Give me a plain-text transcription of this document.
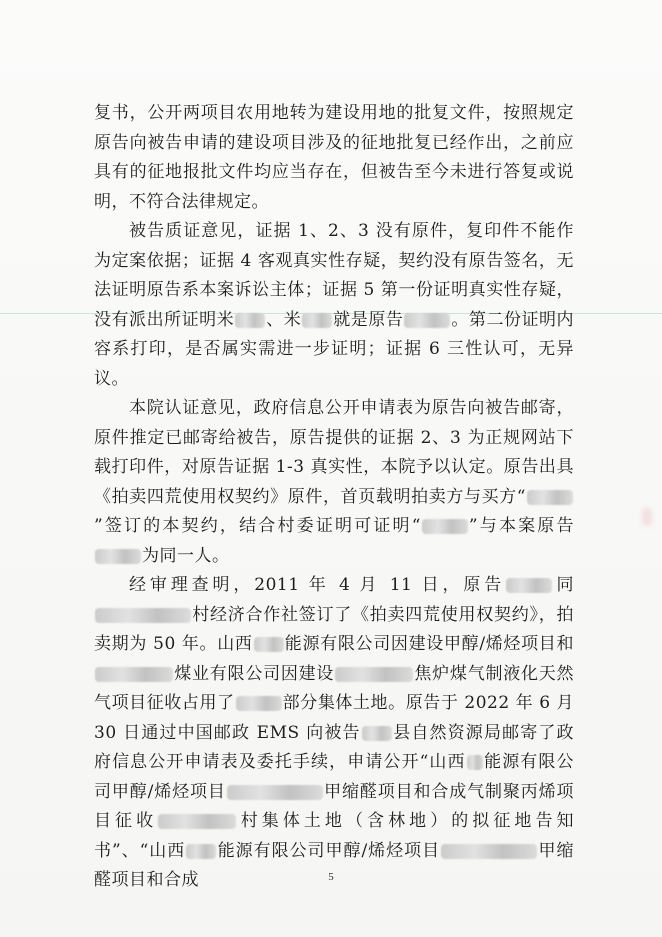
复书，公开两项目农用地转为建设用地的批复文件，按照规定原告向被告申请的建设项目涉及的征地批复已经作出，之前应具有的征地报批文件均应当存在，但被告至今未进行答复或说明，不符合法律规定。

被告质证意见，证据 1、2、3 没有原件，复印件不能作为定案依据；证据 4 客观真实性存疑，契约没有原告签名，无法证明原告系本案诉讼主体；证据 5 第一份证明真实性存疑，没有派出所证明米 、米 就是原告	。第二份证明内容系打印，是否属实需进一步证明；证据 6 三性认可，无异议。

本院认证意见，政府信息公开申请表为原告向被告邮寄，原件推定已邮寄给被告，原告提供的证据 2、3 为正规网站下载打印件，对原告证据 1-3 真实性，本院予以认定。原告出具《拍卖四荒使用权契约》原件，首页载明拍卖方与买方“”签订的本契约，结合村委证明可证明“	”与本案原告为同一人。

经审理查明，2011 年 4 月 11 日，原告	同村经济合作社签订了《拍卖四荒使用权契约》，拍卖期为 50 年。山西 能源有限公司因建设甲醇/烯烃项目和煤业有限公司因建设	焦炉煤气制液化天然气项目征收占用了	部分集体土地。原告于 2022 年 6 月 30 日通过中国邮政 EMS 向被告 县自然资源局邮寄了政府信息公开申请表及委托手续，申请公开“山西 能源有限公司甲醇/烯烃项目	甲缩醛项目和合成气制聚丙烯项目征收	村集体土地（含林地）的拟征地告知书”、“山西 能源有限公司甲醇/烯烃项目	甲缩醛项目和合成	5
